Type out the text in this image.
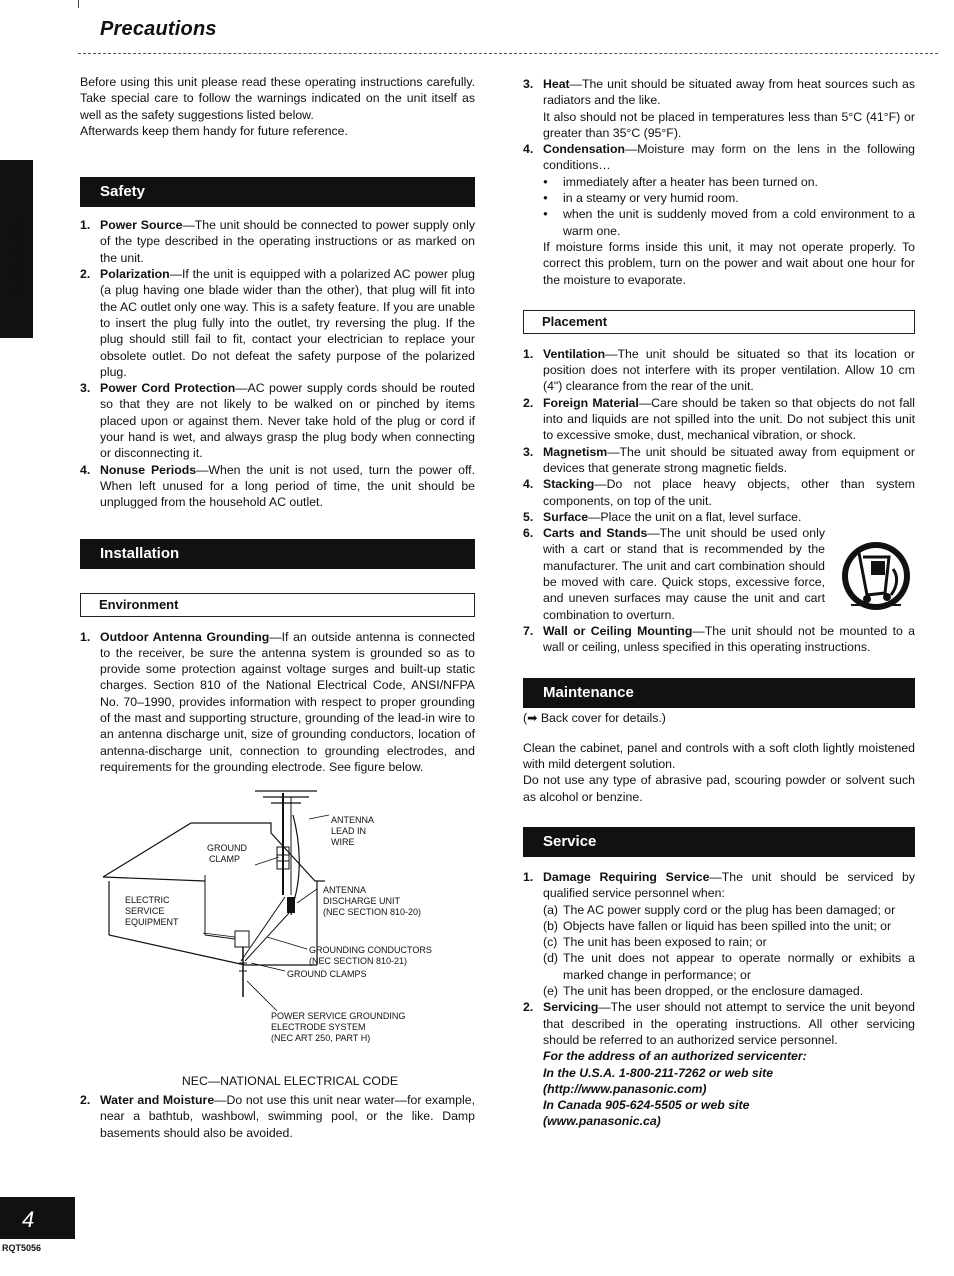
Precautions
Before use

Before using this unit please read these operating instructions carefully. Take special care to follow the warnings indicated on the unit itself as well as the safety suggestions listed below.

Afterwards keep them handy for future reference.

Safety
1. Power Source—The unit should be connected to power supply only of the type described in the operating instructions or as marked on the unit.
2. Polarization—If the unit is equipped with a polarized AC power plug (a plug having one blade wider than the other), that plug will fit into the AC outlet only one way. This is a safety feature. If you are unable to insert the plug fully into the outlet, try reversing the plug. If the plug should still fail to fit, contact your electrician to replace your obsolete outlet. Do not defeat the safety purpose of the polarized plug.
3. Power Cord Protection—AC power supply cords should be routed so that they are not likely to be walked on or pinched by items placed upon or against them. Never take hold of the plug or cord if your hand is wet, and always grasp the plug body when connecting or disconnecting it.
4. Nonuse Periods—When the unit is not used, turn the power off. When left unused for a long period of time, the unit should be unplugged from the household AC outlet.
Installation
Environment
1. Outdoor Antenna Grounding—If an outside antenna is connected to the receiver, be sure the antenna system is grounded so as to provide some protection against voltage surges and built-up static charges. Section 810 of the National Electrical Code, ANSI/NFPA No. 70–1990, provides information with respect to proper grounding of the mast and supporting structure, grounding of the lead-in wire to an antenna discharge unit, size of grounding conductors, location of antenna-discharge unit, connection to grounding electrodes, and requirements for the grounding electrode. See figure below.
ANTENNA
LEAD IN
WIRE
GROUND
CLAMP
ELECTRIC
SERVICE
EQUIPMENT
ANTENNA
DISCHARGE UNIT
(NEC SECTION 810-20)
GROUNDING CONDUCTORS
(NEC SECTION 810-21)
GROUND CLAMPS
POWER SERVICE GROUNDING
ELECTRODE SYSTEM
(NEC ART 250, PART H)
NEC—NATIONAL ELECTRICAL CODE
2. Water and Moisture—Do not use this unit near water—for example, near a bathtub, washbowl, swimming pool, or the like. Damp basements should also be avoided.
3. Heat—The unit should be situated away from heat sources such as radiators and the like.
It also should not be placed in temperatures less than 5°C (41°F) or greater than 35°C (95°F).
4. Condensation—Moisture may form on the lens in the following conditions…
● immediately after a heater has been turned on.
● in a steamy or very humid room.
● when the unit is suddenly moved from a cold environment to a warm one.
If moisture forms inside this unit, it may not operate properly. To correct this problem, turn on the power and wait about one hour for the moisture to evaporate.
Placement
1. Ventilation—The unit should be situated so that its location or position does not interfere with its proper ventilation. Allow 10 cm (4") clearance from the rear of the unit.
2. Foreign Material—Care should be taken so that objects do not fall into and liquids are not spilled into the unit. Do not subject this unit to excessive smoke, dust, mechanical vibration, or shock.
3. Magnetism—The unit should be situated away from equipment or devices that generate strong magnetic fields.
4. Stacking—Do not place heavy objects, other than system components, on top of the unit.
5. Surface—Place the unit on a flat, level surface.
6. Carts and Stands—The unit should be used only with a cart or stand that is recommended by the manufacturer. The unit and cart combination should be moved with care. Quick stops, excessive force, and uneven surfaces may cause the unit and cart combination to overturn.
7. Wall or Ceiling Mounting—The unit should not be mounted to a wall or ceiling, unless specified in this operating instructions.
Maintenance

(➡ Back cover for details.)

Clean the cabinet, panel and controls with a soft cloth lightly moistened with mild detergent solution.

Do not use any type of abrasive pad, scouring powder or solvent such as alcohol or benzine.

Service
1. Damage Requiring Service—The unit should be serviced by qualified service personnel when:
(a) The AC power supply cord or the plug has been damaged; or
(b) Objects have fallen or liquid has been spilled into the unit; or
(c) The unit has been exposed to rain; or
(d) The unit does not appear to operate normally or exhibits a marked change in performance; or
(e) The unit has been dropped, or the enclosure damaged.
2. Servicing—The user should not attempt to service the unit beyond that described in the operating instructions. All other servicing should be referred to an authorized service personnel.
For the address of an authorized servicenter:
In the U.S.A. 1-800-211-7262 or web site
(http://www.panasonic.com)
In Canada 905-624-5505 or web site
(www.panasonic.ca)
4
RQT5056
